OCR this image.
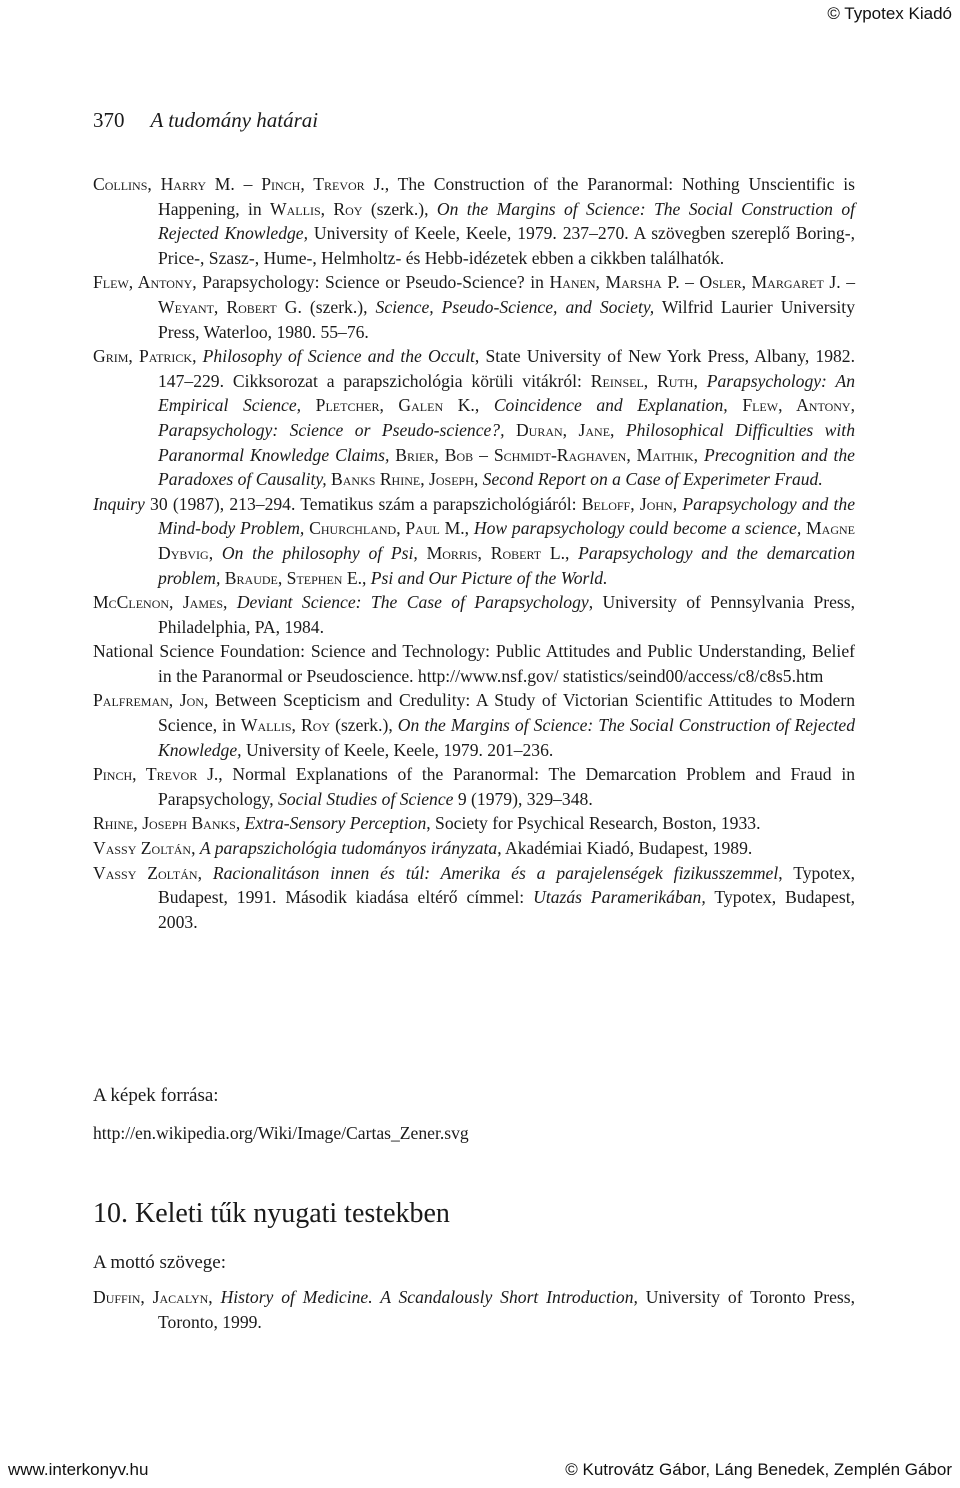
© Typotex Kiadó
370 A tudomány határai

Collins, Harry M. – Pinch, Trevor J., The Construction of the Paranormal: Nothing Unscientific is Happening, in Wallis, Roy (szerk.), On the Margins of Science: The Social Construction of Rejected Knowledge, University of Keele, Keele, 1979. 237–270. A szövegben szereplő Boring-, Price-, Szasz-, Hume-, Helmholtz- és Hebb-idézetek ebben a cikkben találhatók.

Flew, Antony, Parapsychology: Science or Pseudo-Science? in Hanen, Marsha P. – Osler, Margaret J. – Weyant, Robert G. (szerk.), Science, Pseudo-Science, and Society, Wilfrid Laurier University Press, Waterloo, 1980. 55–76.

Grim, Patrick, Philosophy of Science and the Occult, State University of New York Press, Albany, 1982. 147–229. Cikksorozat a parapszichológia körüli vitákról: Reinsel, Ruth, Parapsychology: An Empirical Science, Pletcher, Galen K., Coincidence and Explanation, Flew, Antony, Parapsychology: Science or Pseudo-science?, Duran, Jane, Philosophical Difficulties with Paranormal Knowledge Claims, Brier, Bob – Schmidt-Raghaven, Maithik, Precognition and the Paradoxes of Causality, Banks Rhine, Joseph, Second Report on a Case of Experimeter Fraud.

Inquiry 30 (1987), 213–294. Tematikus szám a parapszichológiáról: Beloff, John, Parapsychology and the Mind-body Problem, Churchland, Paul M., How parapsychology could become a science, Magne Dybvig, On the philosophy of Psi, Morris, Robert L., Parapsychology and the demarcation problem, Braude, Stephen E., Psi and Our Picture of the World.

McClenon, James, Deviant Science: The Case of Parapsychology, University of Pennsylvania Press, Philadelphia, PA, 1984.

National Science Foundation: Science and Technology: Public Attitudes and Public Understanding, Belief in the Paranormal or Pseudoscience. http://www.nsf.gov/ statistics/seind00/access/c8/c8s5.htm

Palfreman, Jon, Between Scepticism and Credulity: A Study of Victorian Scientific Attitudes to Modern Science, in Wallis, Roy (szerk.), On the Margins of Science: The Social Construction of Rejected Knowledge, University of Keele, Keele, 1979. 201–236.

Pinch, Trevor J., Normal Explanations of the Paranormal: The Demarcation Problem and Fraud in Parapsychology, Social Studies of Science 9 (1979), 329–348.

Rhine, Joseph Banks, Extra-Sensory Perception, Society for Psychical Research, Boston, 1933.

Vassy Zoltán, A parapszichológia tudományos irányzata, Akadémiai Kiadó, Budapest, 1989.

Vassy Zoltán, Racionalitáson innen és túl: Amerika és a parajelenségek fizikusszemmel, Typotex, Budapest, 1991. Második kiadása eltérő címmel: Utazás Paramerikában, Typotex, Budapest, 2003.

A képek forrása:
http://en.wikipedia.org/Wiki/Image/Cartas_Zener.svg
10. Keleti tűk nyugati testekben
A mottó szövege:

Duffin, Jacalyn, History of Medicine. A Scandalously Short Introduction, University of Toronto Press, Toronto, 1999.

www.interkonyv.hu	© Kutrovátz Gábor, Láng Benedek, Zemplén Gábor
